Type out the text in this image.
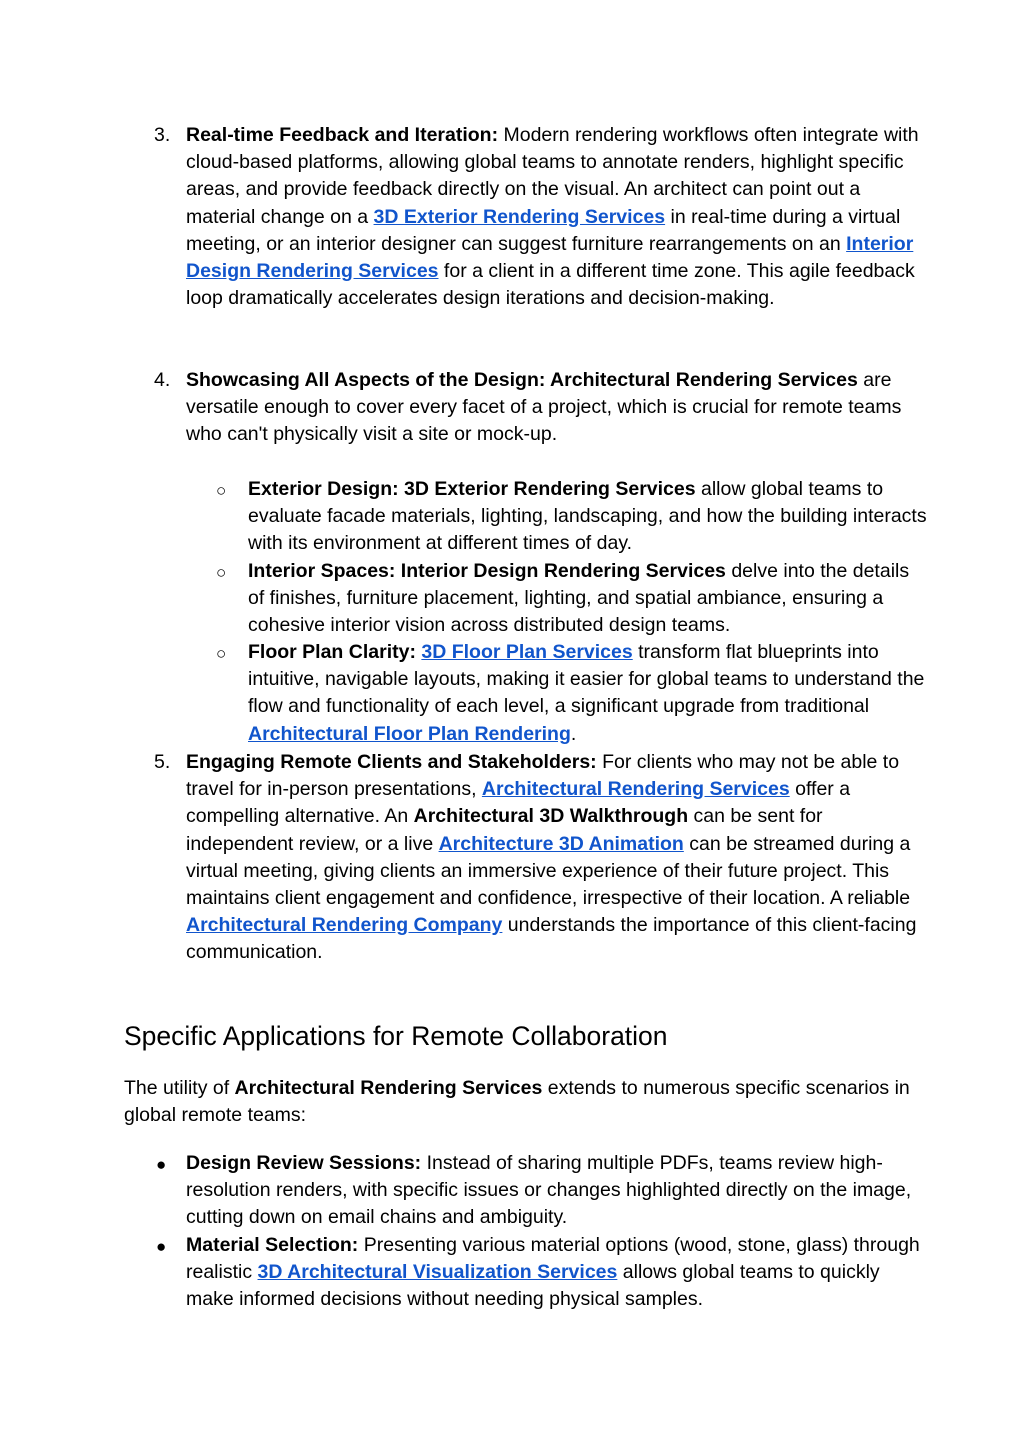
3. Real-time Feedback and Iteration: Modern rendering workflows often integrate with cloud-based platforms, allowing global teams to annotate renders, highlight specific areas, and provide feedback directly on the visual. An architect can point out a material change on a 3D Exterior Rendering Services in real-time during a virtual meeting, or an interior designer can suggest furniture rearrangements on an Interior Design Rendering Services for a client in a different time zone. This agile feedback loop dramatically accelerates design iterations and decision-making.
4. Showcasing All Aspects of the Design: Architectural Rendering Services are versatile enough to cover every facet of a project, which is crucial for remote teams who can't physically visit a site or mock-up.
○ Exterior Design: 3D Exterior Rendering Services allow global teams to evaluate facade materials, lighting, landscaping, and how the building interacts with its environment at different times of day.
○ Interior Spaces: Interior Design Rendering Services delve into the details of finishes, furniture placement, lighting, and spatial ambiance, ensuring a cohesive interior vision across distributed design teams.
○ Floor Plan Clarity: 3D Floor Plan Services transform flat blueprints into intuitive, navigable layouts, making it easier for global teams to understand the flow and functionality of each level, a significant upgrade from traditional Architectural Floor Plan Rendering.
5. Engaging Remote Clients and Stakeholders: For clients who may not be able to travel for in-person presentations, Architectural Rendering Services offer a compelling alternative. An Architectural 3D Walkthrough can be sent for independent review, or a live Architecture 3D Animation can be streamed during a virtual meeting, giving clients an immersive experience of their future project. This maintains client engagement and confidence, irrespective of their location. A reliable Architectural Rendering Company understands the importance of this client-facing communication.
Specific Applications for Remote Collaboration
The utility of Architectural Rendering Services extends to numerous specific scenarios in global remote teams:
● Design Review Sessions: Instead of sharing multiple PDFs, teams review high-resolution renders, with specific issues or changes highlighted directly on the image, cutting down on email chains and ambiguity.
● Material Selection: Presenting various material options (wood, stone, glass) through realistic 3D Architectural Visualization Services allows global teams to quickly make informed decisions without needing physical samples.
